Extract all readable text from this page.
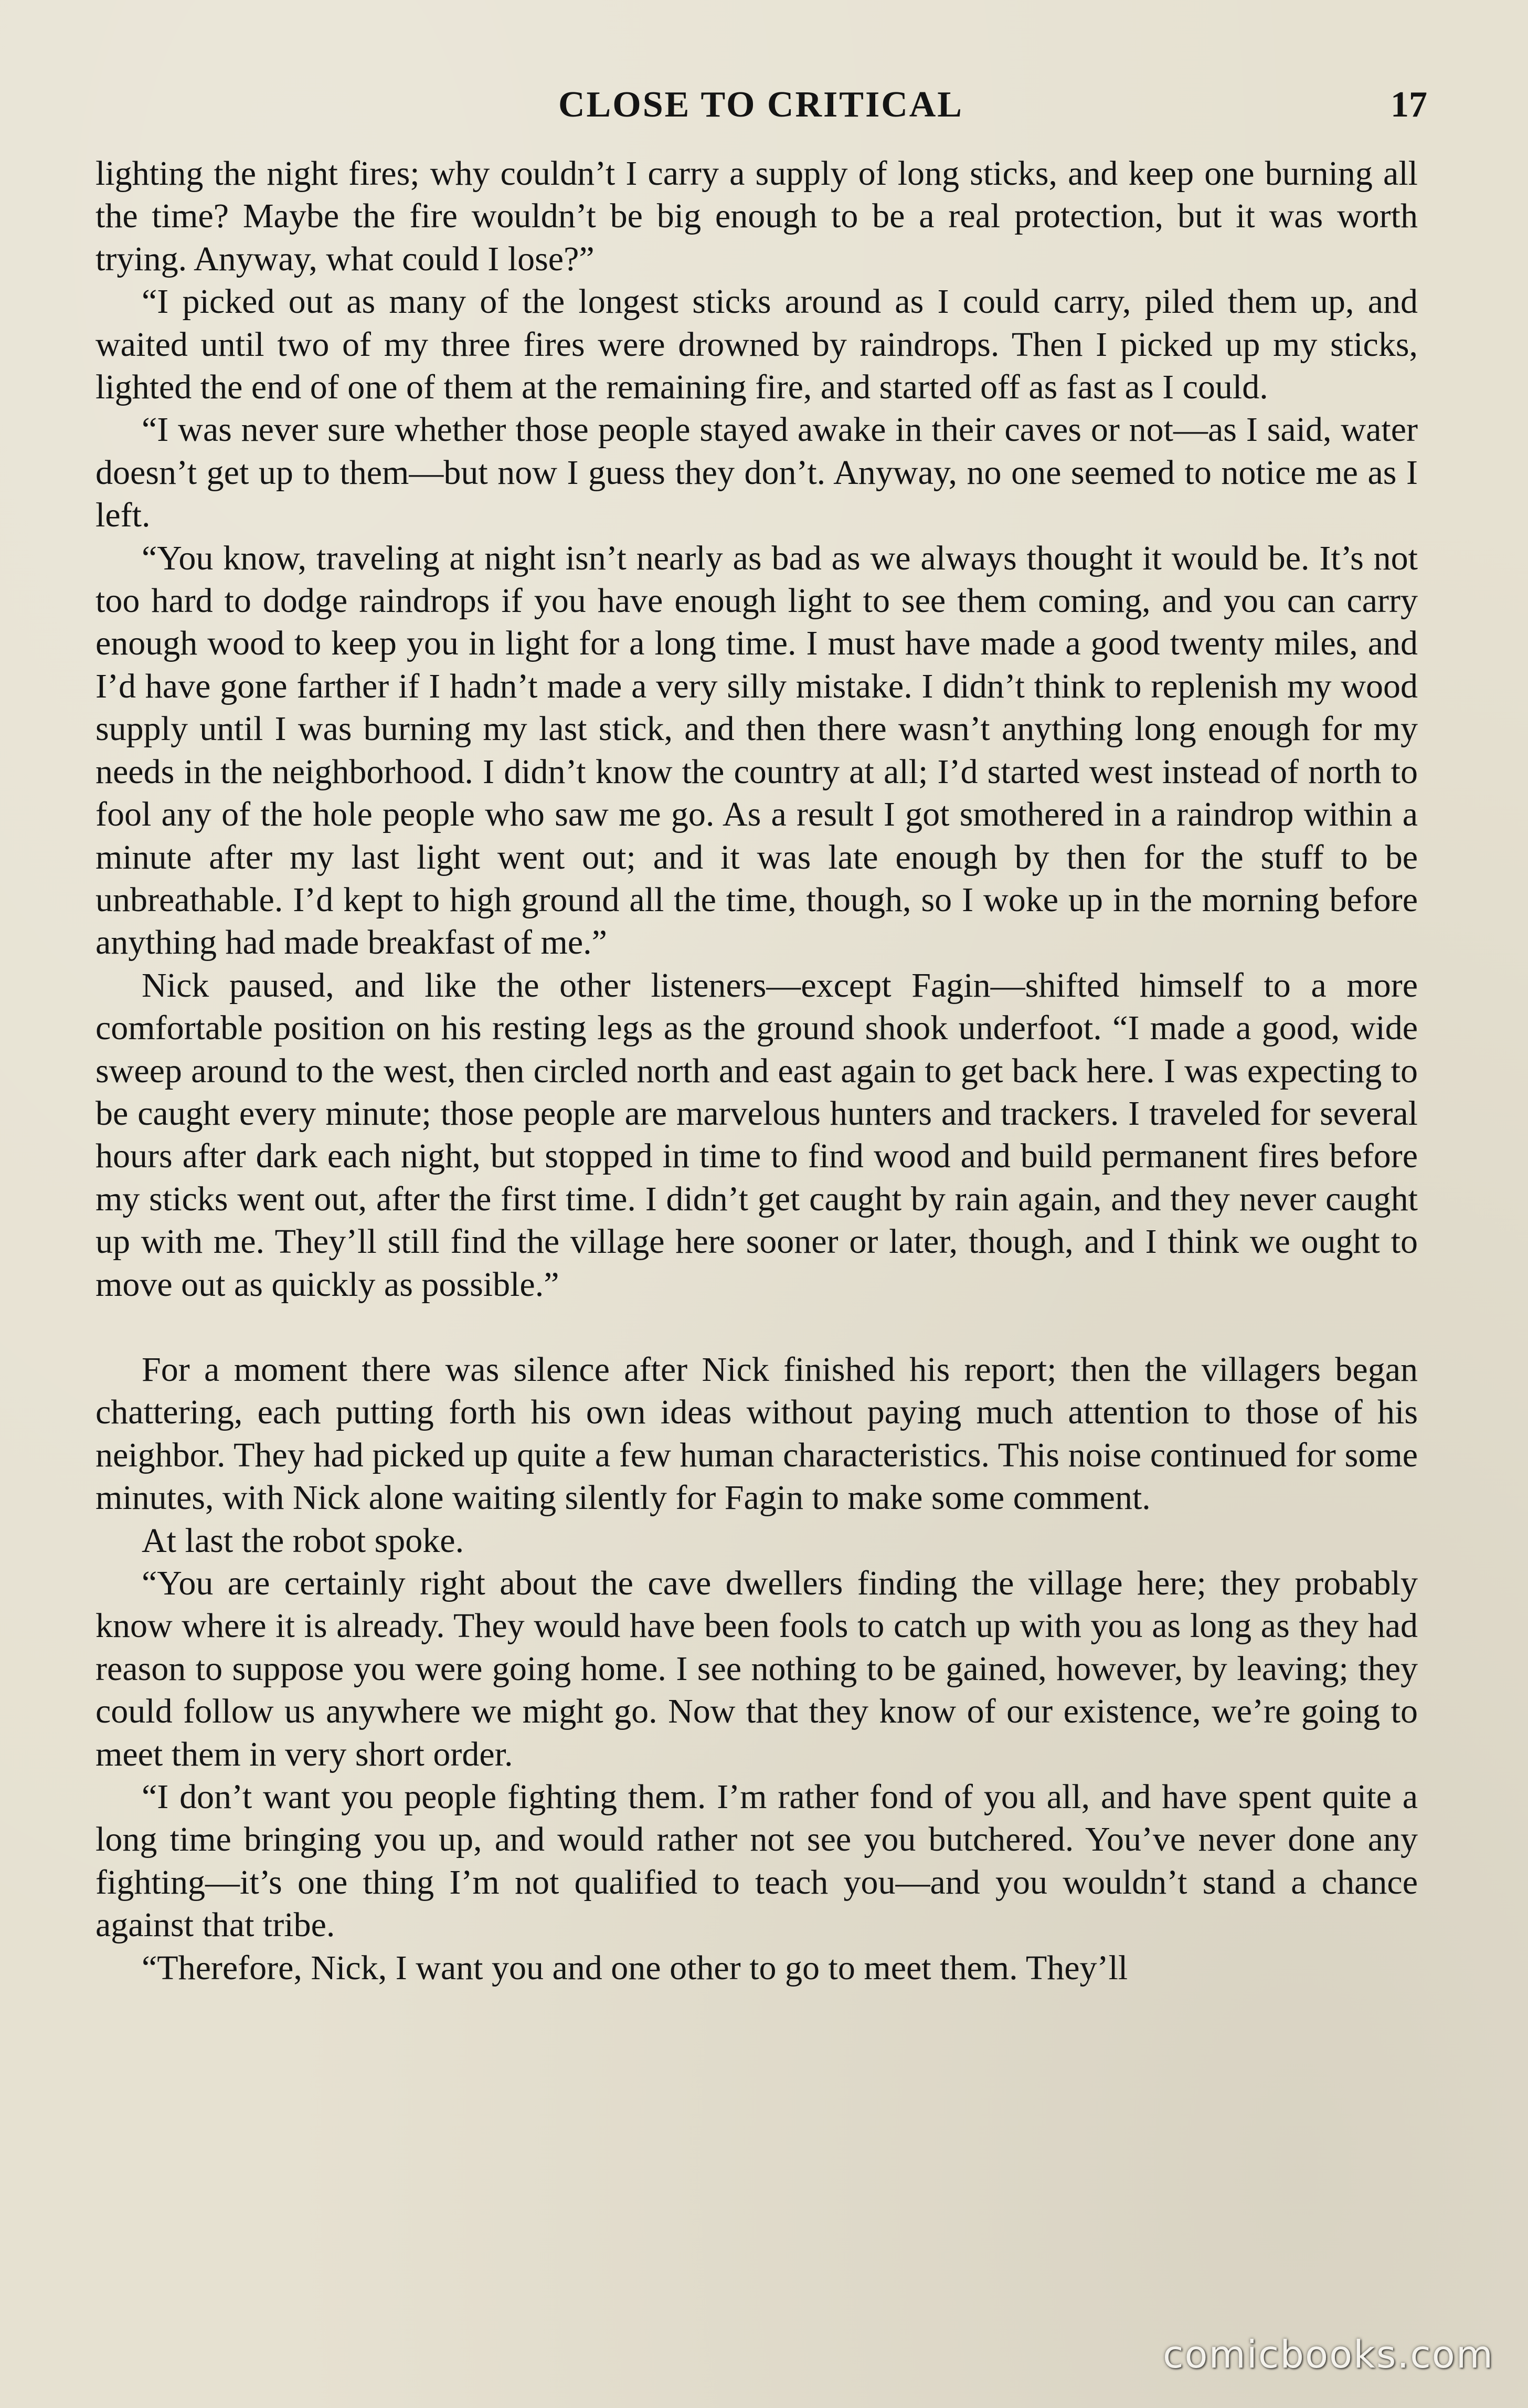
CLOSE TO CRITICAL	17

lighting the night fires; why couldn’t I carry a supply of long sticks, and keep one burning all the time? Maybe the fire wouldn’t be big enough to be a real protection, but it was worth trying. Anyway, what could I lose?”

“I picked out as many of the longest sticks around as I could carry, piled them up, and waited until two of my three fires were drowned by raindrops. Then I picked up my sticks, lighted the end of one of them at the remaining fire, and started off as fast as I could.

“I was never sure whether those people stayed awake in their caves or not—as I said, water doesn’t get up to them—but now I guess they don’t. Anyway, no one seemed to notice me as I left.

“You know, traveling at night isn’t nearly as bad as we always thought it would be. It’s not too hard to dodge raindrops if you have enough light to see them coming, and you can carry enough wood to keep you in light for a long time. I must have made a good twenty miles, and I’d have gone farther if I hadn’t made a very silly mistake. I didn’t think to replenish my wood supply until I was burning my last stick, and then there wasn’t anything long enough for my needs in the neighborhood. I didn’t know the country at all; I’d started west instead of north to fool any of the hole people who saw me go. As a result I got smothered in a raindrop within a minute after my last light went out; and it was late enough by then for the stuff to be unbreathable. I’d kept to high ground all the time, though, so I woke up in the morning before anything had made breakfast of me.”

Nick paused, and like the other listeners—except Fagin—shifted himself to a more comfortable position on his resting legs as the ground shook underfoot. “I made a good, wide sweep around to the west, then circled north and east again to get back here. I was expecting to be caught every minute; those people are marvelous hunters and trackers. I traveled for several hours after dark each night, but stopped in time to find wood and build permanent fires before my sticks went out, after the first time. I didn’t get caught by rain again, and they never caught up with me. They’ll still find the village here sooner or later, though, and I think we ought to move out as quickly as possible.”

For a moment there was silence after Nick finished his report; then the villagers began chattering, each putting forth his own ideas without paying much attention to those of his neighbor. They had picked up quite a few human characteristics. This noise continued for some minutes, with Nick alone waiting silently for Fagin to make some comment.

At last the robot spoke.

“You are certainly right about the cave dwellers finding the village here; they probably know where it is already. They would have been fools to catch up with you as long as they had reason to suppose you were going home. I see nothing to be gained, however, by leaving; they could follow us anywhere we might go. Now that they know of our existence, we’re going to meet them in very short order.

“I don’t want you people fighting them. I’m rather fond of you all, and have spent quite a long time bringing you up, and would rather not see you butchered. You’ve never done any fighting—it’s one thing I’m not qualified to teach you—and you wouldn’t stand a chance against that tribe.

“Therefore, Nick, I want you and one other to go to meet them. They’ll

comicbooks.com
